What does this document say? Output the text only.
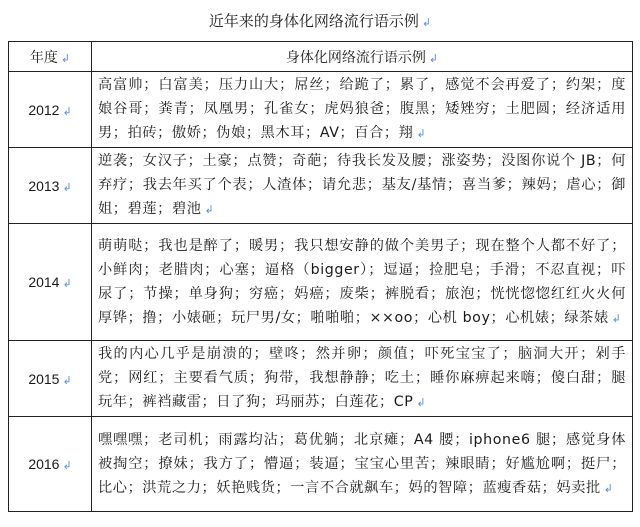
近年来的身体化网络流行语示例 ↲
年度 ↲	身体化网络流行语示例 ↲
2012 ↲	高富帅；白富美；压力山大；屌丝；给跪了；累了，感觉不会再爱了；约架；度娘谷哥；粪青；凤凰男；孔雀女；虎妈狼爸；腹黑；矮矬穷；土肥圆；经济适用男；拍砖；傲娇；伪娘；黑木耳；AV；百合；翔 ↲
2013 ↲	逆袭；女汉子；土豪；点赞；奇葩；待我长发及腰；涨姿势；没图你说个 JB；何弃疗；我去年买了个表；人渣体；请允悲；基友/基情；喜当爹；辣妈；虐心；御姐；碧莲；碧池 ↲
2014 ↲	萌萌哒；我也是醉了；暖男；我只想安静的做个美男子；现在整个人都不好了；小鲜肉；老腊肉；心塞；逼格（bigger）；逗逼；捡肥皂；手滑；不忍直视；吓尿了；节操；单身狗；穷癌；妈癌；废柴；裤脱看；旅泡；恍恍惚惚红红火火何厚铧；撸；小婊砸；玩尸男/女；啪啪啪；××oo；心机 boy；心机婊；绿茶婊 ↲
2015 ↲	我的内心几乎是崩溃的；壁咚；然并卵；颜值；吓死宝宝了；脑洞大开；剁手党；网红；主要看气质；狗带，我想静静；吃土；睡你麻痹起来嗨；傻白甜；腿玩年；裤裆藏雷；日了狗；玛丽苏；白莲花；CP ↲
2016 ↲	嘿嘿嘿；老司机；雨露均沾；葛优躺；北京瘫；A4 腰；iphone6 腿；感觉身体被掏空；撩妹；我方了；懵逼；装逼；宝宝心里苦；辣眼睛；好尴尬啊；挺尸；比心；洪荒之力；妖艳贱货；一言不合就飙车；妈的智障；蓝瘦香菇；妈卖批 ↲
